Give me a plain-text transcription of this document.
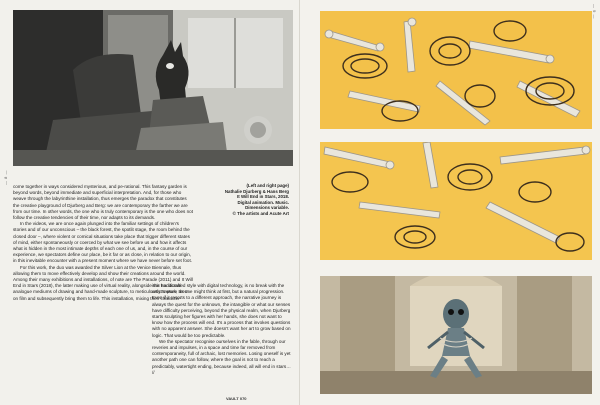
— 8 —

come together in ways considered mysterious, and pe-rational. This fantasy garden is beyond words, beyond immediate and superficial interpretation. And, for those who weave through the labyrinthine installation, thus emerges the paradox that constitutes the creative playground of Djurberg and Berg: we are contemporary the farther we are from our time. In other words, the one who is truly contemporary is the one who does not follow the creative tendencies of their time, nor adapts to its demands.

In the videos, we are once again plunged into the familiar settings of children's stories and of our unconscious – the black forest, the spotlit stage, the room behind the closed door –, where violent or comical situations take place that trigger different states of mind, either spontaneously or coerced by what we see before us and how it affects what is hidden in the most intimate depths of each one of us, and, in the course of our experience, we spectators define our place, be it far or as close, in relation to our origin, in this inevitable encounter with a present moment where we have never before set foot.

For this work, the duo was awarded the Silver Lion at the Venice Biennale, thus allowing them to move effectively develop and show their creations around the world. Among their many exhibitions and installations, of note are The Parade (2011) and It Will End in Stars (2018), the latter making use of virtual reality, alongside the traditional analogue mediums of drawing and hand-made sculpture, to meticulously capture them on film and subsequently bring them to life. This installation, mixing their character-

(Left and right page)
Nathalie Djurberg & Hans Berg
It Will End in Stars, 2018.
Digital animation. Music.
Dimensions variable.
© The artists and Acute Art

istic handcrafted style with digital technology, is no break with the artist's work, as one might think at first, but a natural progression. Even if it resorts to a different approach, the narrative journey is always the quest for the unknown, the intangible or what our senses have difficulty perceiving, beyond the physical realm, when Djurberg starts sculpting her figures with her hands, she does not want to know how the process will end. It's a process that invokes questions with no apparent answer. She doesn't want her art to grow based on logic. That would be too predictable.

We the spectator recognise ourselves in the fable, through our reveries and impulses, in a space and time far removed from contemporaneity, full of archaic, lost memories. Losing oneself is yet another path one can follow, where the goal is not to reach a predictably, watertight ending, because indeed, all will end in stars… //

VAULT 070
— 9 —
